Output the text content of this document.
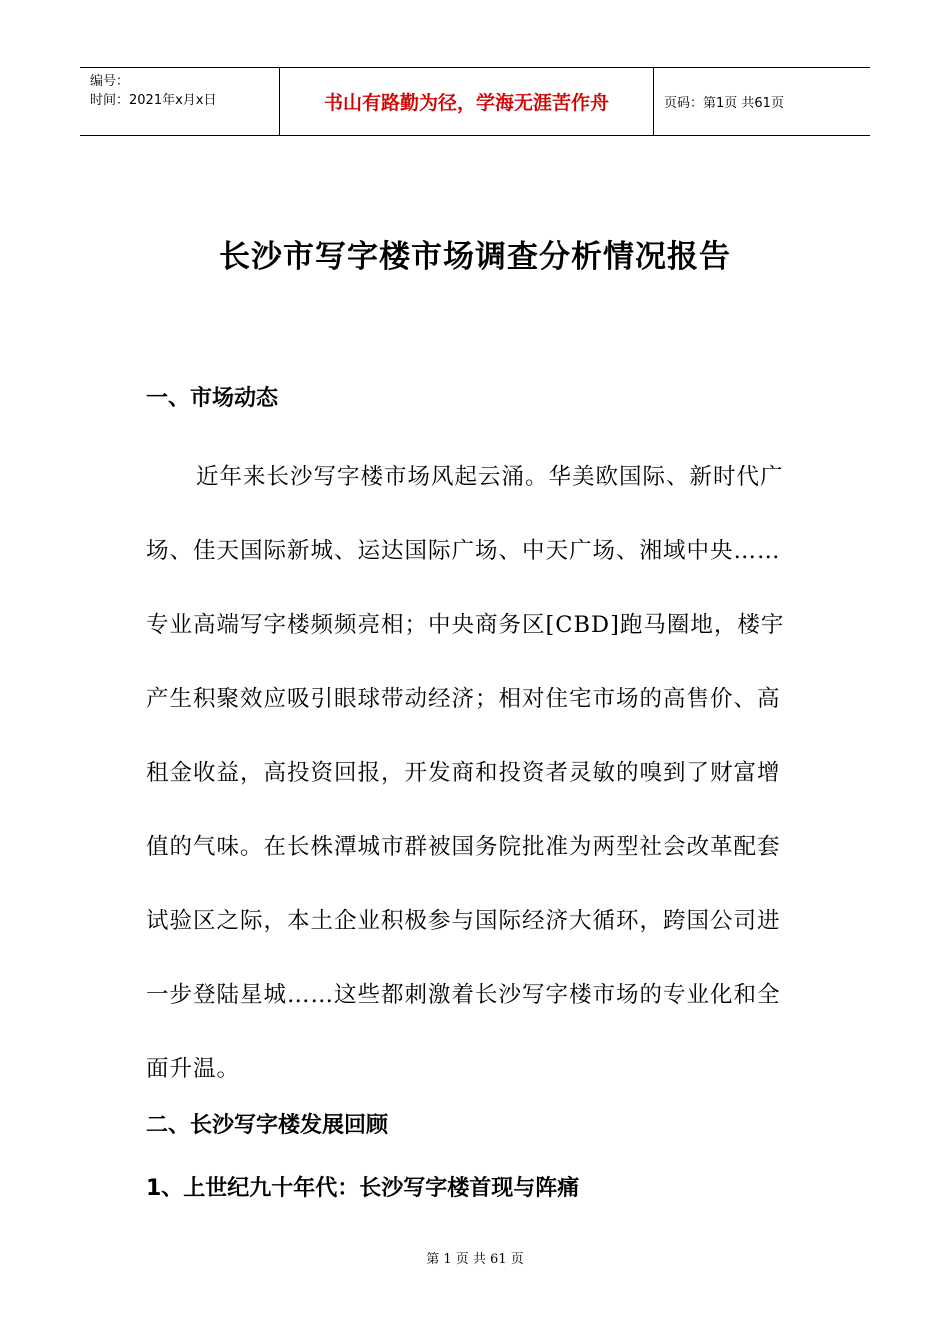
编号：
时间：2021年x月x日	书山有路勤为径，学海无涯苦作舟	页码：第1页 共61页
长沙市写字楼市场调查分析情况报告
一、市场动态

近年来长沙写字楼市场风起云涌。华美欧国际、新时代广场、佳天国际新城、运达国际广场、中天广场、湘域中央……专业高端写字楼频频亮相；中央商务区[CBD]跑马圈地，楼宇产生积聚效应吸引眼球带动经济；相对住宅市场的高售价、高租金收益，高投资回报，开发商和投资者灵敏的嗅到了财富增值的气味。在长株潭城市群被国务院批准为两型社会改革配套试验区之际，本土企业积极参与国际经济大循环，跨国公司进一步登陆星城……这些都刺激着长沙写字楼市场的专业化和全面升温。

二、长沙写字楼发展回顾
1、上世纪九十年代：长沙写字楼首现与阵痛
第 1 页 共 61 页
